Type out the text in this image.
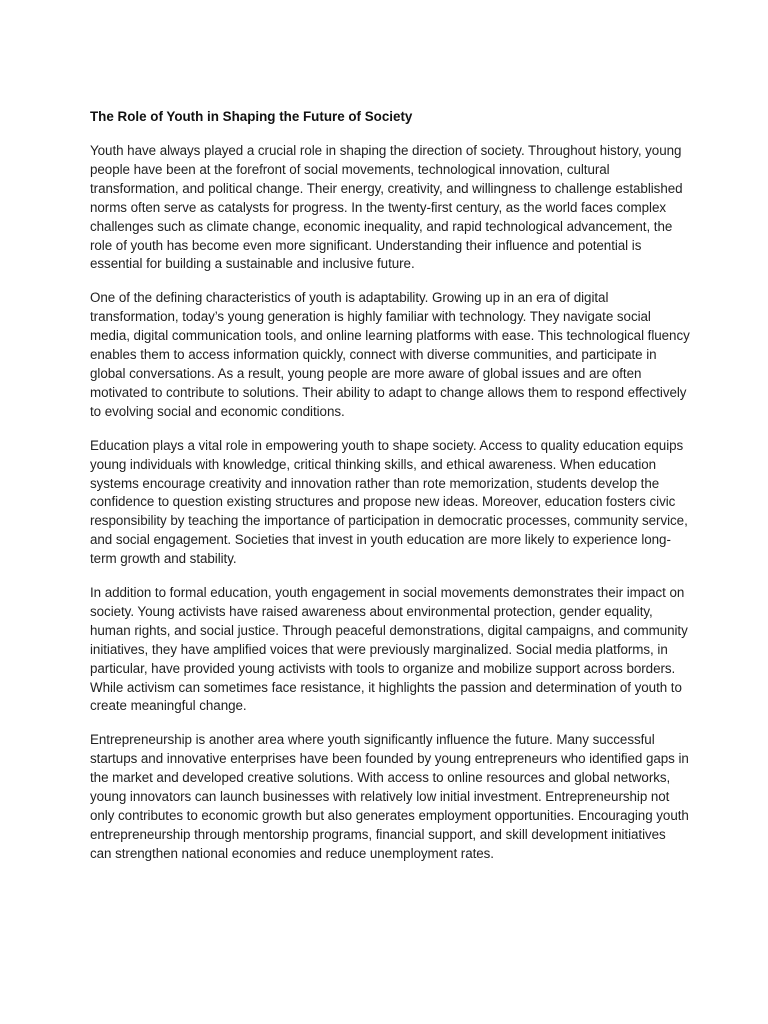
The Role of Youth in Shaping the Future of Society

Youth have always played a crucial role in shaping the direction of society. Throughout history, young people have been at the forefront of social movements, technological innovation, cultural transformation, and political change. Their energy, creativity, and willingness to challenge established norms often serve as catalysts for progress. In the twenty-first century, as the world faces complex challenges such as climate change, economic inequality, and rapid technological advancement, the role of youth has become even more significant. Understanding their influence and potential is essential for building a sustainable and inclusive future.

One of the defining characteristics of youth is adaptability. Growing up in an era of digital transformation, today’s young generation is highly familiar with technology. They navigate social media, digital communication tools, and online learning platforms with ease. This technological fluency enables them to access information quickly, connect with diverse communities, and participate in global conversations. As a result, young people are more aware of global issues and are often motivated to contribute to solutions. Their ability to adapt to change allows them to respond effectively to evolving social and economic conditions.

Education plays a vital role in empowering youth to shape society. Access to quality education equips young individuals with knowledge, critical thinking skills, and ethical awareness. When education systems encourage creativity and innovation rather than rote memorization, students develop the confidence to question existing structures and propose new ideas. Moreover, education fosters civic responsibility by teaching the importance of participation in democratic processes, community service, and social engagement. Societies that invest in youth education are more likely to experience long-term growth and stability.

In addition to formal education, youth engagement in social movements demonstrates their impact on society. Young activists have raised awareness about environmental protection, gender equality, human rights, and social justice. Through peaceful demonstrations, digital campaigns, and community initiatives, they have amplified voices that were previously marginalized. Social media platforms, in particular, have provided young activists with tools to organize and mobilize support across borders. While activism can sometimes face resistance, it highlights the passion and determination of youth to create meaningful change.

Entrepreneurship is another area where youth significantly influence the future. Many successful startups and innovative enterprises have been founded by young entrepreneurs who identified gaps in the market and developed creative solutions. With access to online resources and global networks, young innovators can launch businesses with relatively low initial investment. Entrepreneurship not only contributes to economic growth but also generates employment opportunities. Encouraging youth entrepreneurship through mentorship programs, financial support, and skill development initiatives can strengthen national economies and reduce unemployment rates.
